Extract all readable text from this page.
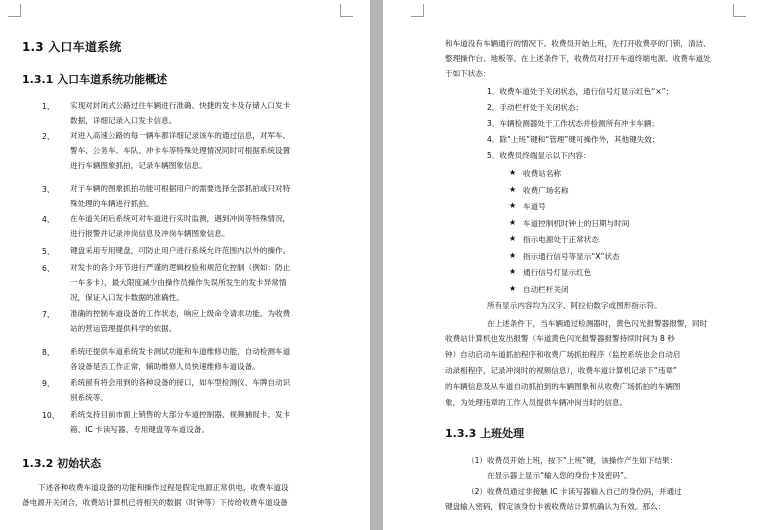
1.3 入口车道系统
1.3.1 入口车道系统功能概述
1、 实现对封闭式公路过往车辆进行准确、快捷的发卡及存储入口发卡
数据，详细记录入口发卡信息。
2、 对进入高速公路的每一辆车都详细记录该车的通过信息，对军车、
警车、公务车、车队、冲卡车等特殊处理情况同时可根据系统设置
进行车辆图象抓拍，记录车辆图象信息。
3、 对于车辆的图象抓拍功能可根据用户的需要选择全部抓拍或只对特
殊处理的车辆进行抓拍。
4、 在车道关闭后系统可对车道进行实时监测，遇到冲岗等特殊情况，
进行报警并记录冲岗信息及冲岗车辆图象信息。
5、 键盘采用专用键盘，可防止用户进行系统允许范围内以外的操作。
6、 对发卡的各个环节进行严谨的逻辑校验和规范化控制（例如：防止
一车多卡），最大限度减少由操作员操作失误所发生的发卡异常情
况，保证入口发卡数据的准确性。
7、 准确的控制车道设备的工作状态，响应上级命令请求功能。为收费
站的营运管理提供科学的依据。
8、 系统还提供车道系统发卡测试功能和车道维修功能，自动检测车道
各设备是否工作正常，辅助维修人员快速维修车道设备。
9、 系统留有将会用到的各种设备的接口，如车型检测仪、车牌自动识
别系统等。
10、 系统支持目前市面上销售的大部分车道控制器、视频捕捉卡、发卡
箱、IC 卡读写器、专用键盘等车道设备。
1.3.2 初始状态
下述各种收费车道设备的功能和操作过程是假定电源正常供电，收费车道设
备电源开关闭合，收费站计算机已将相关的数据（时钟等）下传给收费车道设备
和车道没有车辆通行的情况下。收费员开始上班，先打开收费亭的门锁，清洁、
整理操作台、地板等。在上述条件下，收费员对打开车道终端电源、收费车道处
于如下状态：
1．收费车道处于关闭状态，通行信号灯显示红色“×”；
2．手动栏杆处于关闭状态；
3．车辆检测器处于工作状态并检测所有冲卡车辆；
4．除“上班”键和“管理”键可操作外，其他键失效；
5．收费员终端显示以下内容：
★ 收费站名称
★ 收费广场名称
★ 车道号
★ 车道控制机时钟上的日期与时间
★ 指示电源处于正常状态
★ 指示通行信号等显示“Ⅹ”状态
★ 通行信号灯显示红色
★ 自动栏杆关闭
所有显示内容均为汉字、阿拉伯数字或图形指示符。
在上述条件下，当车辆通过检测器时，黄色闪光报警器报警，同时
收费站计算机也发出报警（车道黄色闪光报警器报警持续时间为 8 秒
钟）自动启动车道抓拍程序和收费广场抓拍程序（监控系统也会自动启
动录相程序，记录冲岗时的视频信息），收费车道计算机记录下“违章”
的车辆信息及从车道自动抓拍到的车辆图象和从收费广场抓拍的车辆图
象，为处理违章的工作人员提供车辆冲岗当时的信息。
1.3.3 上班处理
（1）收费员开始上班，按下“上班”键，该操作产生如下结果：
在显示器上显示“输入您的身份卡及密码”。
（2）收费员通过非接触 IC 卡读写器输入自己的身份码，并通过
键盘输入密码，假定该身份卡被收费站计算机确认为有效。那么：
